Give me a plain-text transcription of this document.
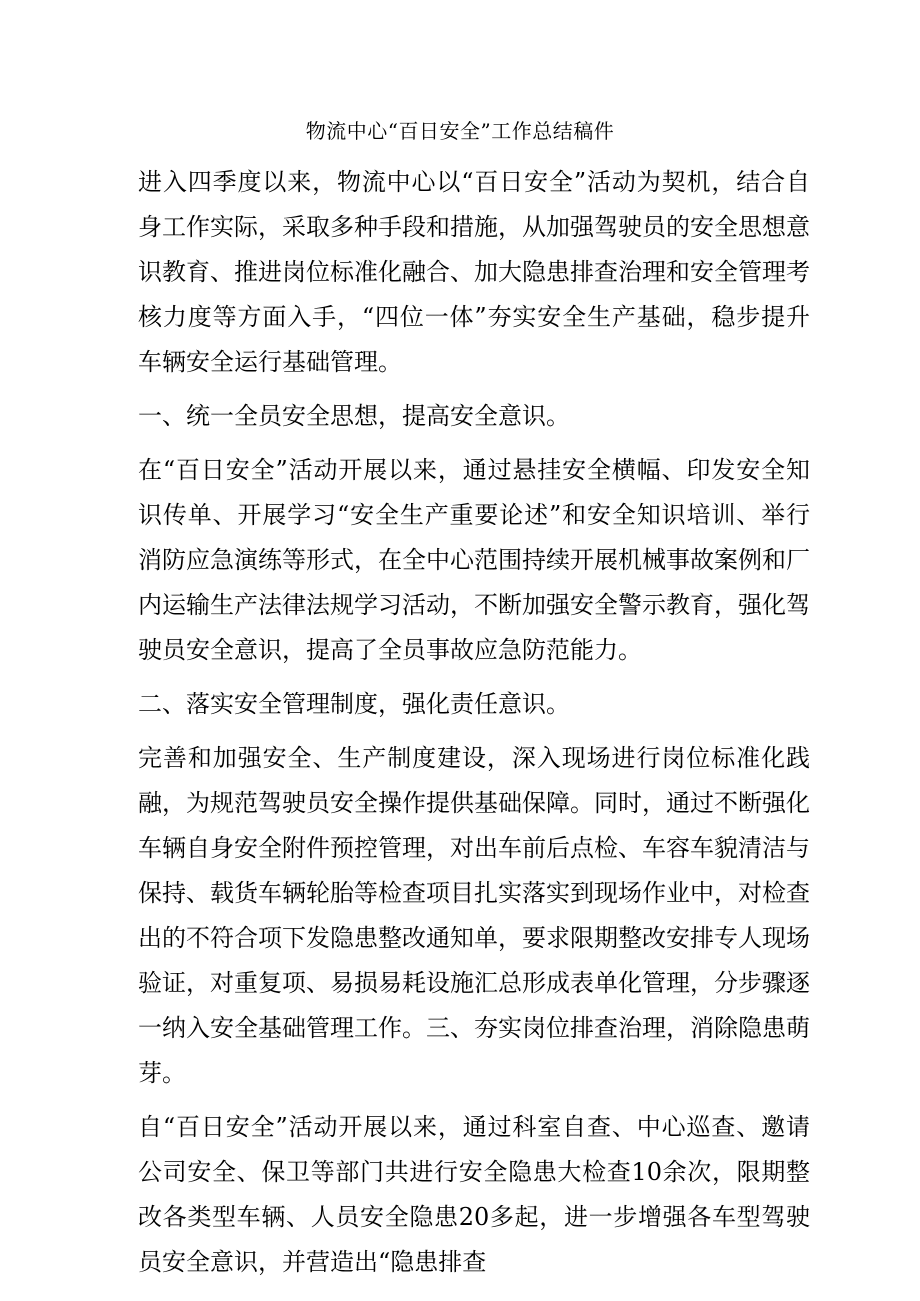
物流中心“百日安全”工作总结稿件

进入四季度以来，物流中心以“百日安全”活动为契机，结合自身工作实际，采取多种手段和措施，从加强驾驶员的安全思想意识教育、推进岗位标准化融合、加大隐患排查治理和安全管理考核力度等方面入手，“四位一体”夯实安全生产基础，稳步提升车辆安全运行基础管理。

一、统一全员安全思想，提高安全意识。

在“百日安全”活动开展以来，通过悬挂安全横幅、印发安全知识传单、开展学习“安全生产重要论述”和安全知识培训、举行消防应急演练等形式，在全中心范围持续开展机械事故案例和厂内运输生产法律法规学习活动，不断加强安全警示教育，强化驾驶员安全意识，提高了全员事故应急防范能力。

二、落实安全管理制度，强化责任意识。

完善和加强安全、生产制度建设，深入现场进行岗位标准化践融，为规范驾驶员安全操作提供基础保障。同时，通过不断强化车辆自身安全附件预控管理，对出车前后点检、车容车貌清洁与保持、载货车辆轮胎等检查项目扎实落实到现场作业中，对检查出的不符合项下发隐患整改通知单，要求限期整改安排专人现场验证，对重复项、易损易耗设施汇总形成表单化管理，分步骤逐一纳入安全基础管理工作。三、夯实岗位排查治理，消除隐患萌芽。

自“百日安全”活动开展以来，通过科室自查、中心巡查、邀请公司安全、保卫等部门共进行安全隐患大检查10余次，限期整改各类型车辆、人员安全隐患20多起，进一步增强各车型驾驶员安全意识，并营造出“隐患排查
